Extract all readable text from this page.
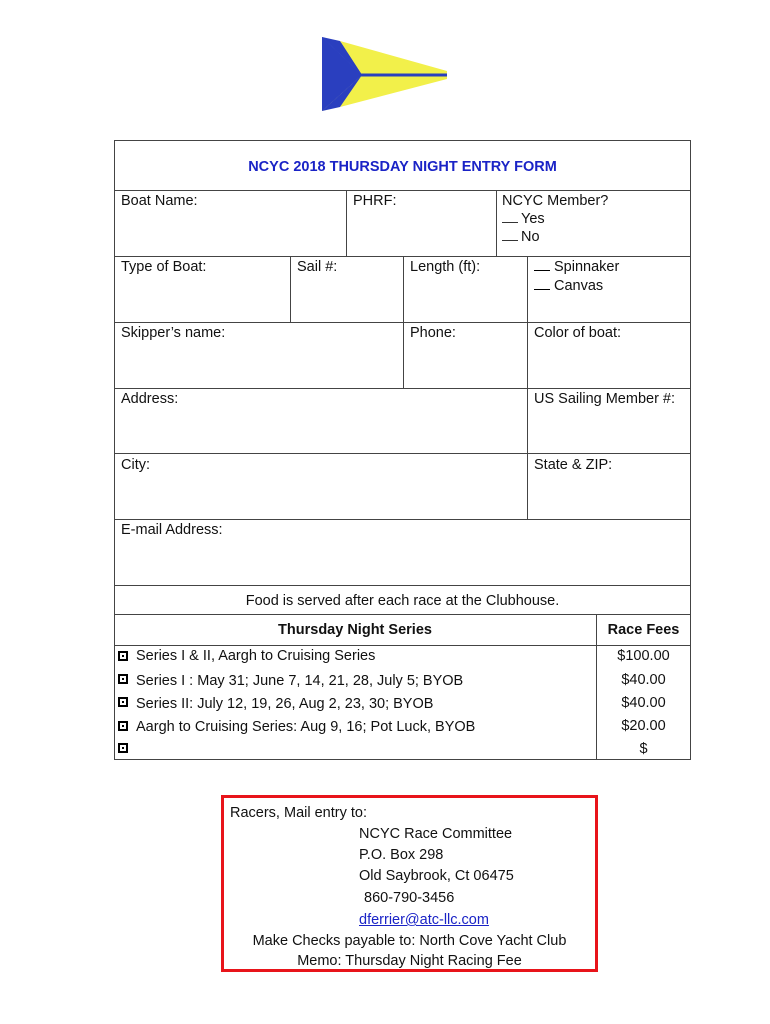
NCYC 2018 THURSDAY NIGHT ENTRY FORM
Boat Name:	PHRF:	NCYC Member?
Yes
No
Type of Boat:	Sail #:	Length (ft):	Spinnaker
Canvas
Skipper’s name:	Phone:	Color of boat:
Address:	US Sailing Member #:
City:	State & ZIP:
E-mail Address:
Food is served after each race at the Clubhouse.
Thursday Night Series	Race Fees
Series I & II, Aargh to Cruising Series	$100.00
Series I : May 31; June 7, 14, 21, 28, July 5; BYOB	$40.00
Series II: July 12, 19, 26, Aug 2, 23, 30; BYOB	$40.00
Aargh to Cruising Series: Aug 9, 16; Pot Luck, BYOB	$20.00
$
Racers, Mail entry to:
NCYC Race Committee
P.O. Box 298
Old Saybrook, Ct 06475
860-790-3456
dferrier@atc-llc.com
Make Checks payable to: North Cove Yacht Club
Memo: Thursday Night Racing Fee
